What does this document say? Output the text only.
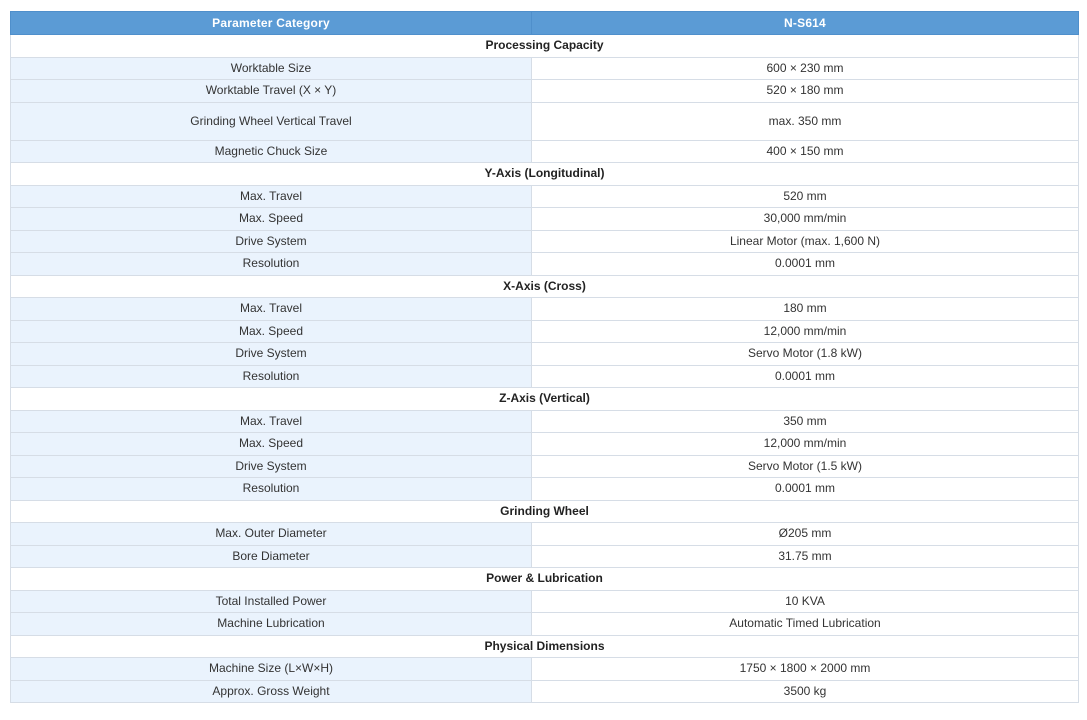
Parameter Category	N-S614
Processing Capacity	
Worktable Size	600 × 230 mm
Worktable Travel (X × Y)	520 × 180 mm
Grinding Wheel Vertical Travel	max. 350 mm
Magnetic Chuck Size	400 × 150 mm
Y-Axis (Longitudinal)	
Max. Travel	520 mm
Max. Speed	30,000 mm/min
Drive System	Linear Motor (max. 1,600 N)
Resolution	0.0001 mm
X-Axis (Cross)	
Max. Travel	180 mm
Max. Speed	12,000 mm/min
Drive System	Servo Motor (1.8 kW)
Resolution	0.0001 mm
Z-Axis (Vertical)	
Max. Travel	350 mm
Max. Speed	12,000 mm/min
Drive System	Servo Motor (1.5 kW)
Resolution	0.0001 mm
Grinding Wheel	
Max. Outer Diameter	Ø205 mm
Bore Diameter	31.75 mm
Power & Lubrication	
Total Installed Power	10 KVA
Machine Lubrication	Automatic Timed Lubrication
Physical Dimensions	
Machine Size (L×W×H)	1750 × 1800 × 2000 mm
Approx. Gross Weight	3500 kg
